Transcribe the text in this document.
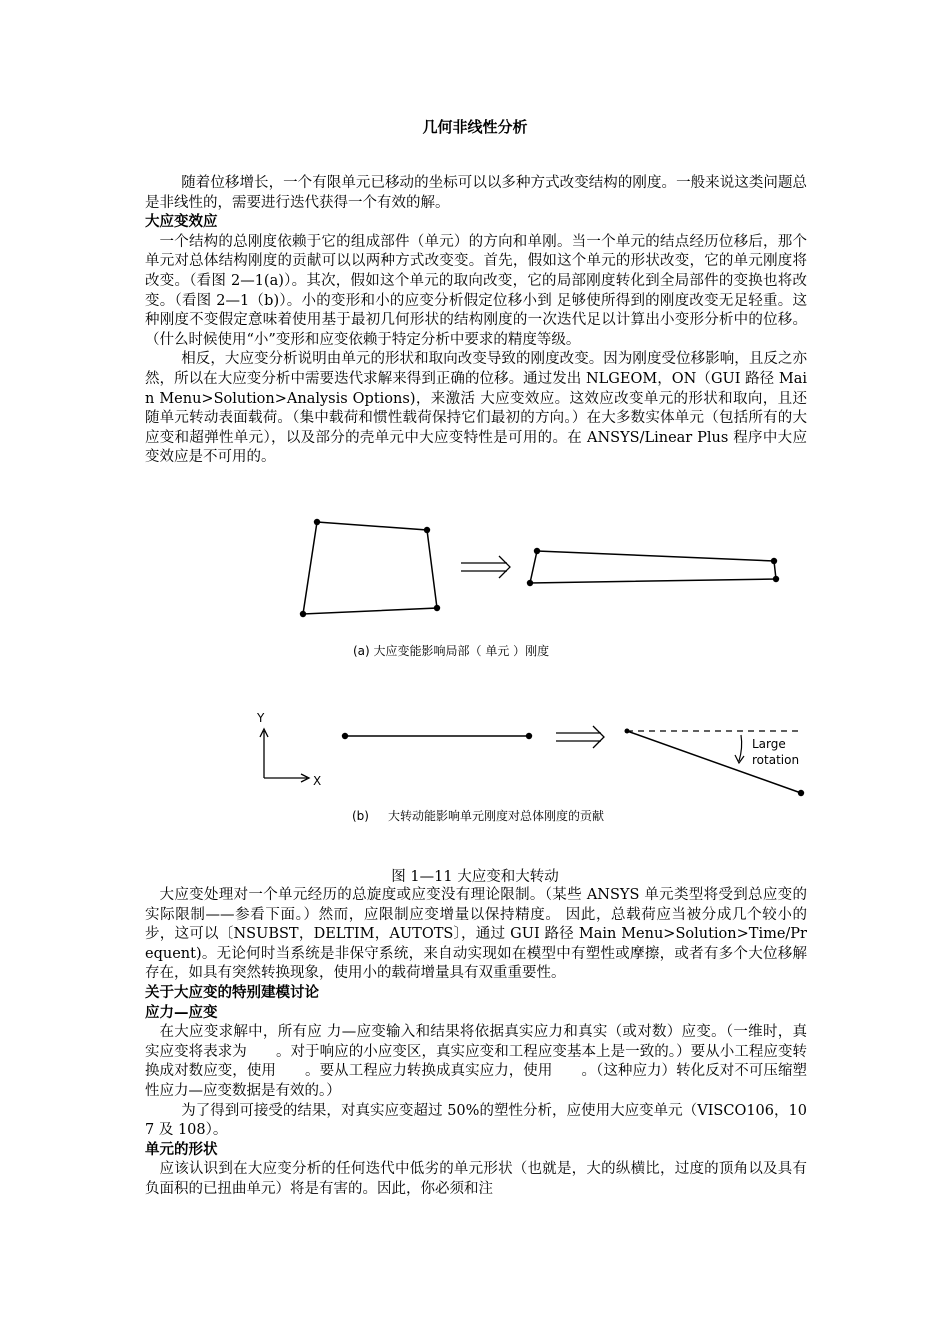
几何非线性分析

随着位移增长，一个有限单元已移动的坐标可以以多种方式改变结构的刚度。一般来说这类问题总是非线性的，需要进行迭代获得一个有效的解。

大应变效应

一个结构的总刚度依赖于它的组成部件（单元）的方向和单刚。当一个单元的结点经历位移后，那个单元对总体结构刚度的贡献可以以两种方式改变变。首先，假如这个单元的形状改变，它的单元刚度将改变。（看图 2—1(a)）。其次，假如这个单元的取向改变，它的局部刚度转化到全局部件的变换也将改变。（看图 2—1（b)）。小的变形和小的应变分析假定位移小到 足够使所得到的刚度改变无足轻重。这种刚度不变假定意味着使用基于最初几何形状的结构刚度的一次迭代足以计算出小变形分析中的位移。（什么时候使用“小”变形和应变依赖于特定分析中要求的精度等级。

相反，大应变分析说明由单元的形状和取向改变导致的刚度改变。因为刚度受位移影响，且反之亦然，所以在大应变分析中需要迭代求解来得到正确的位移。通过发出 NLGEOM，ON（GUI 路径 Main Menu>Solution>Analysis Options)，来激活 大应变效应。这效应改变单元的形状和取向，且还随单元转动表面载荷。（集中载荷和惯性载荷保持它们最初的方向。）在大多数实体单元（包括所有的大应变和超弹性单元），以及部分的壳单元中大应变特性是可用的。在 ANSYS/Linear Plus 程序中大应变效应是不可用的。

Y
X
Large
rotation
(a) 大应变能影响局部（ 单元 ）刚度
(b) 大转动能影响单元刚度对总体刚度的贡献
图 1—11 大应变和大转动

大应变处理对一个单元经历的总旋度或应变没有理论限制。（某些 ANSYS 单元类型将受到总应变的实际限制——参看下面。）然而，应限制应变增量以保持精度。 因此，总载荷应当被分成几个较小的步，这可以〔NSUBST，DELTIM，AUTOTS〕，通过 GUI 路径 Main Menu>Solution>Time/Prequent)。无论何时当系统是非保守系统，来自动实现如在模型中有塑性或摩擦，或者有多个大位移解存在，如具有突然转换现象，使用小的载荷增量具有双重重要性。

关于大应变的特别建模讨论

应力—应变

在大应变求解中，所有应 力—应变输入和结果将依据真实应力和真实（或对数）应变。（一维时，真实应变将表求为　　。对于响应的小应变区，真实应变和工程应变基本上是一致的。）要从小工程应变转换成对数应变，使用　　。要从工程应力转换成真实应力，使用　　。（这种应力）转化反对不可压缩塑性应力—应变数据是有效的。）

为了得到可接受的结果，对真实应变超过 50%的塑性分析，应使用大应变单元（VISCO106，107 及 108）。

单元的形状

应该认识到在大应变分析的任何迭代中低劣的单元形状（也就是，大的纵横比，过度的顶角以及具有负面积的已扭曲单元）将是有害的。因此，你必须和注
